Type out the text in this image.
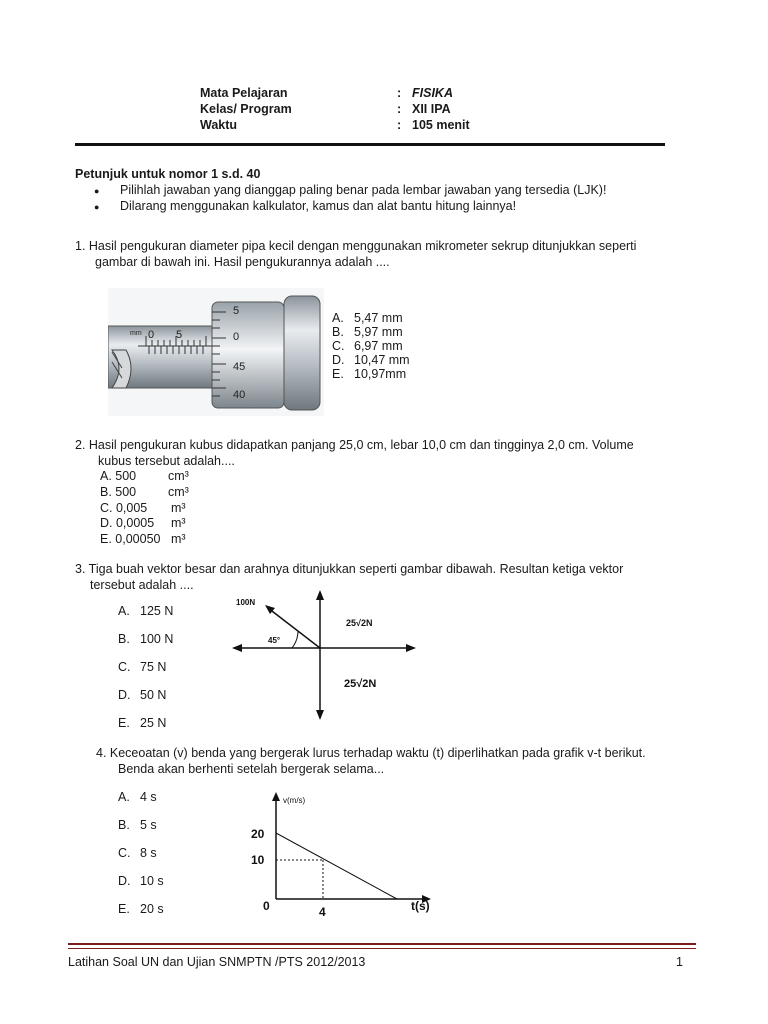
Mata Pelajaran	: FISIKA
Kelas/ Program	: XII IPA
Waktu	: 105 menit
Petunjuk untuk nomor 1 s.d. 40
● Pilihlah jawaban yang dianggap paling benar pada lembar jawaban yang tersedia (LJK)!
● Dilarang menggunakan kalkulator, kamus dan alat bantu hitung lainnya!
1. Hasil pengukuran diameter pipa kecil dengan menggunakan mikrometer sekrup ditunjukkan seperti
gambar di bawah ini. Hasil pengukurannya adalah ....
mm 0 5
5
0
45
40
A. 5,47 mm
B. 5,97 mm
C. 6,97 mm
D. 10,47 mm
E. 10,97mm
2. Hasil pengukuran kubus didapatkan panjang 25,0 cm, lebar 10,0 cm dan tingginya 2,0 cm. Volume
kubus tersebut adalah....
A. 500	cm³
B. 500	cm³
C. 0,005 m³
D. 0,0005 m³
E. 0,00050 m³
3. Tiga buah vektor besar dan arahnya ditunjukkan seperti gambar dibawah. Resultan ketiga vektor
tersebut adalah ....
A. 125 N
B. 100 N
C. 75 N
D. 50 N
E. 25 N
100N
45°
25√2N
25√2N
4. Keceoatan (v) benda yang bergerak lurus terhadap waktu (t) diperlihatkan pada grafik v-t berikut.
Benda akan berhenti setelah bergerak selama...
A. 4 s
B. 5 s
C. 8 s
D. 10 s
E. 20 s
v(m/s)
20
10
0	4	t(s)
Latihan Soal UN dan Ujian SNMPTN /PTS 2012/2013	1
